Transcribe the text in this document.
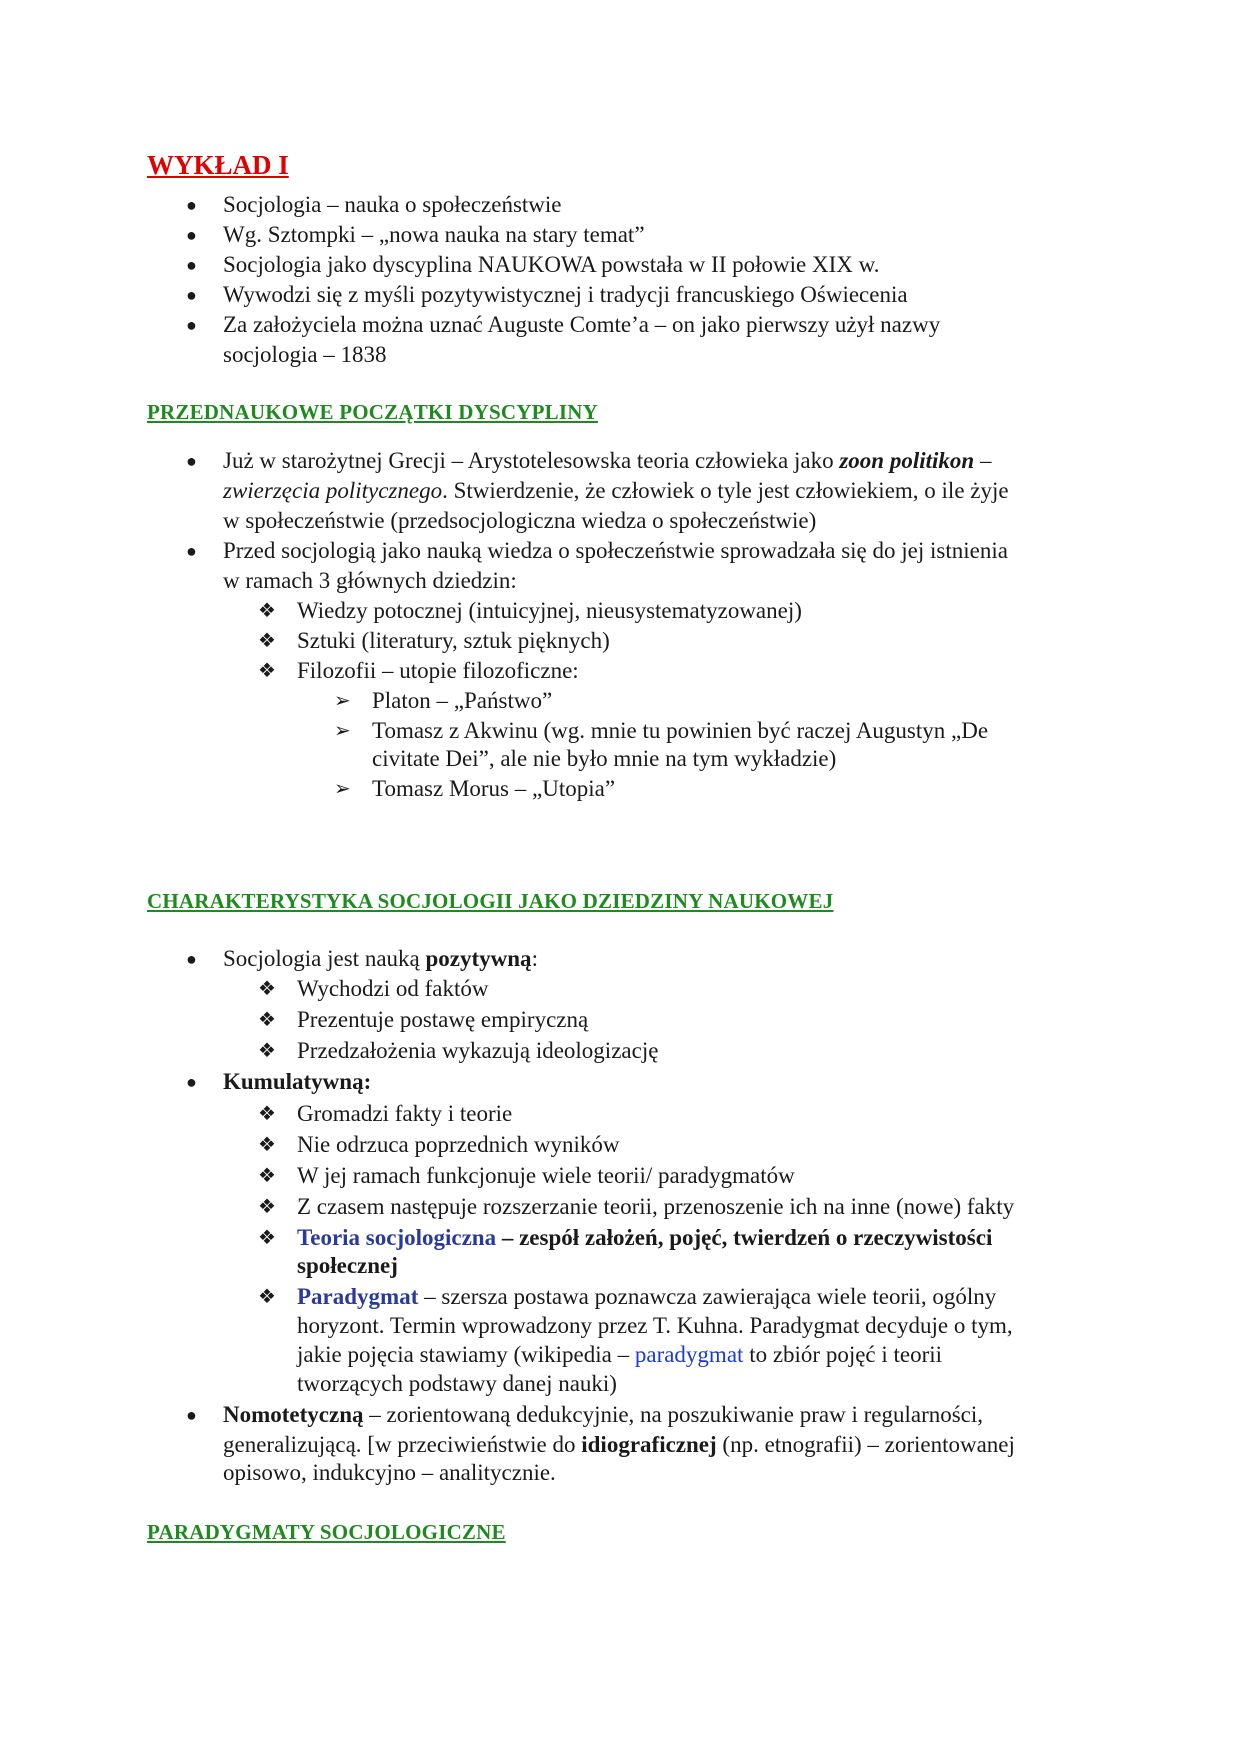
WYKŁAD I

● Socjologia – nauka o społeczeństwie

● Wg. Sztompki – „nowa nauka na stary temat”

● Socjologia jako dyscyplina NAUKOWA powstała w II połowie XIX w.

● Wywodzi się z myśli pozytywistycznej i tradycji francuskiego Oświecenia

● Za założyciela można uznać Auguste Comte’a – on jako pierwszy użył nazwy

socjologia – 1838

PRZEDNAUKOWE POCZĄTKI DYSCYPLINY

● Już w starożytnej Grecji – Arystotelesowska teoria człowieka jako zoon politikon –

zwierzęcia politycznego. Stwierdzenie, że człowiek o tyle jest człowiekiem, o ile żyje

w społeczeństwie (przedsocjologiczna wiedza o społeczeństwie)

● Przed socjologią jako nauką wiedza o społeczeństwie sprowadzała się do jej istnienia

w ramach 3 głównych dziedzin:

❖ Wiedzy potocznej (intuicyjnej, nieusystematyzowanej)

❖ Sztuki (literatury, sztuk pięknych)

❖ Filozofii – utopie filozoficzne:

➢ Platon – „Państwo”

➢ Tomasz z Akwinu (wg. mnie tu powinien być raczej Augustyn „De

civitate Dei”, ale nie było mnie na tym wykładzie)

➢ Tomasz Morus – „Utopia”

CHARAKTERYSTYKA SOCJOLOGII JAKO DZIEDZINY NAUKOWEJ

● Socjologia jest nauką pozytywną:

❖ Wychodzi od faktów

❖ Prezentuje postawę empiryczną

❖ Przedzałożenia wykazują ideologizację

● Kumulatywną:

❖ Gromadzi fakty i teorie

❖ Nie odrzuca poprzednich wyników

❖ W jej ramach funkcjonuje wiele teorii/ paradygmatów

❖ Z czasem następuje rozszerzanie teorii, przenoszenie ich na inne (nowe) fakty

❖ Teoria socjologiczna – zespół założeń, pojęć, twierdzeń o rzeczywistości

społecznej

❖ Paradygmat – szersza postawa poznawcza zawierająca wiele teorii, ogólny

horyzont. Termin wprowadzony przez T. Kuhna. Paradygmat decyduje o tym,

jakie pojęcia stawiamy (wikipedia – paradygmat to zbiór pojęć i teorii

tworzących podstawy danej nauki)

● Nomotetyczną – zorientowaną dedukcyjnie, na poszukiwanie praw i regularności,

generalizującą. [w przeciwieństwie do idiograficznej (np. etnografii) – zorientowanej

opisowo, indukcyjno – analitycznie.

PARADYGMATY SOCJOLOGICZNE
